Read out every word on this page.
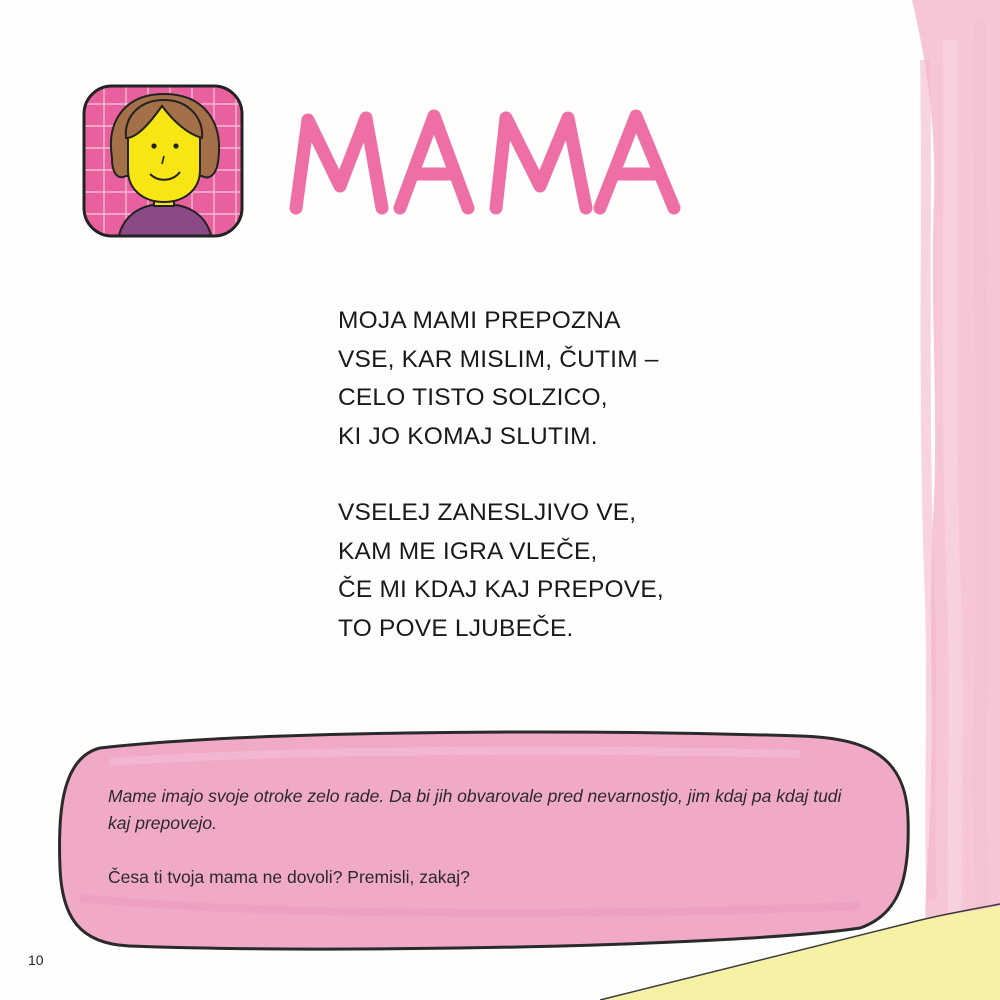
MOJA MAMI PREPOZNA
VSE, KAR MISLIM, ČUTIM –
CELO TISTO SOLZICO,
KI JO KOMAJ SLUTIM.
VSELEJ ZANESLJIVO VE,
KAM ME IGRA VLEČE,
ČE MI KDAJ KAJ PREPOVE,
TO POVE LJUBEČE.
Mame imajo svoje otroke zelo rade. Da bi jih obvarovale pred nevarnostjo, jim kdaj pa kdaj tudi kaj prepovejo.
Česa ti tvoja mama ne dovoli? Premisli, zakaj?
10
